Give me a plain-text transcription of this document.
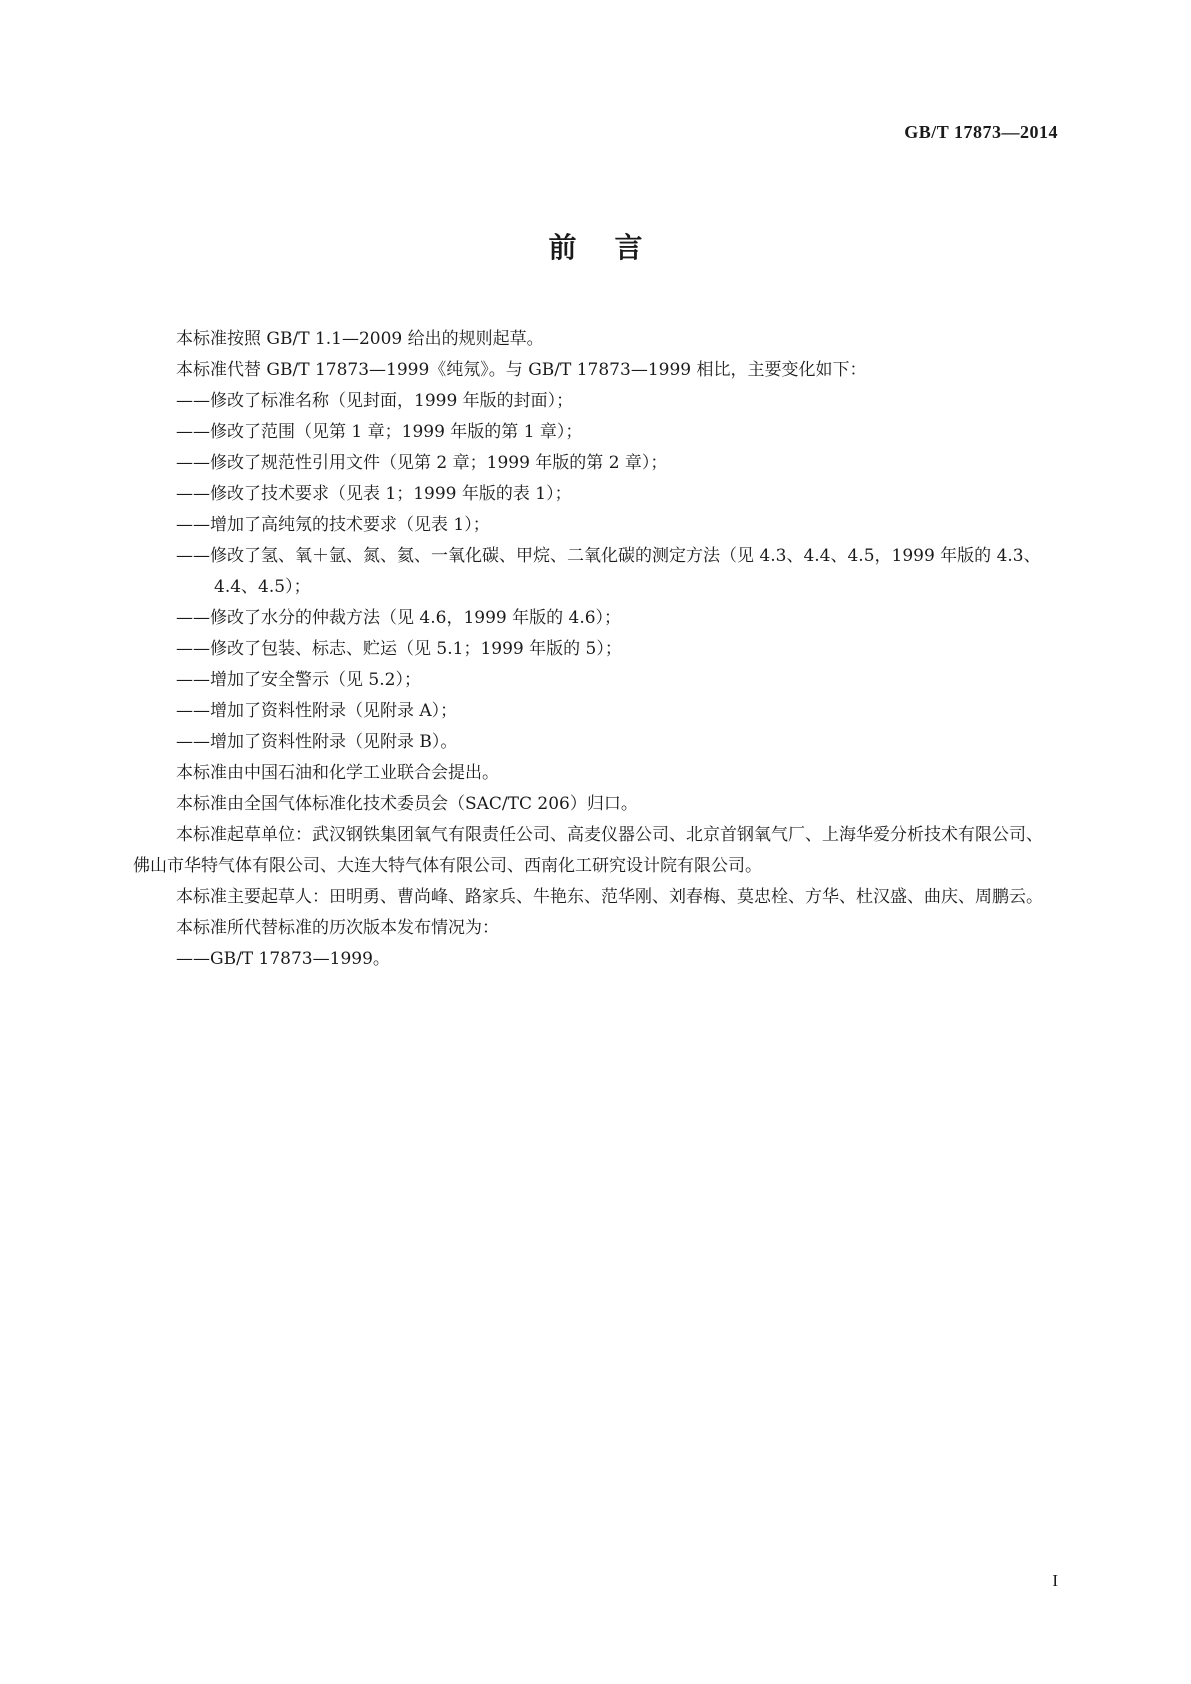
GB/T 17873—2014
前言

本标准按照 GB/T 1.1—2009 给出的规则起草。

本标准代替 GB/T 17873—1999《纯氖》。与 GB/T 17873—1999 相比，主要变化如下：

——修改了标准名称（见封面，1999 年版的封面）；

——修改了范围（见第 1 章；1999 年版的第 1 章）；

——修改了规范性引用文件（见第 2 章；1999 年版的第 2 章）；

——修改了技术要求（见表 1；1999 年版的表 1）；

——增加了高纯氖的技术要求（见表 1）；

——修改了氢、氧＋氩、氮、氦、一氧化碳、甲烷、二氧化碳的测定方法（见 4.3、4.4、4.5，1999 年版的 4.3、4.4、4.5）；

——修改了水分的仲裁方法（见 4.6，1999 年版的 4.6）；

——修改了包装、标志、贮运（见 5.1；1999 年版的 5）；

——增加了安全警示（见 5.2）；

——增加了资料性附录（见附录 A）；

——增加了资料性附录（见附录 B）。

本标准由中国石油和化学工业联合会提出。

本标准由全国气体标准化技术委员会（SAC/TC 206）归口。

本标准起草单位：武汉钢铁集团氧气有限责任公司、高麦仪器公司、北京首钢氧气厂、上海华爱分析技术有限公司、佛山市华特气体有限公司、大连大特气体有限公司、西南化工研究设计院有限公司。

本标准主要起草人：田明勇、曹尚峰、路家兵、牛艳东、范华刚、刘春梅、莫忠栓、方华、杜汉盛、曲庆、周鹏云。

本标准所代替标准的历次版本发布情况为：

——GB/T 17873—1999。

I
